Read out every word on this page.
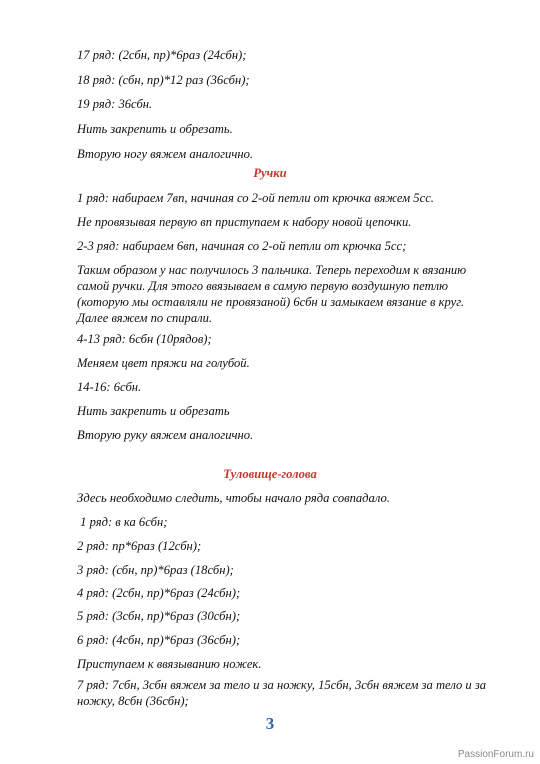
17 ряд: (2сбн, пр)*6раз (24сбн);
18 ряд: (сбн, пр)*12 раз (36сбн);
19 ряд: 36сбн.
Нить закрепить и обрезать.
Вторую ногу вяжем аналогично.
Ручки
1 ряд: набираем 7вп, начиная со 2-ой петли от крючка вяжем 5сс.
Не провязывая первую вп приступаем к набору новой цепочки.
2-3 ряд: набираем 6вп, начиная со 2-ой петли от крючка 5сс;
Таким образом у нас получилось 3 пальчика. Теперь переходим к вязанию
самой ручки. Для этого ввязываем в самую первую воздушную петлю
(которую мы оставляли не провязаной) 6сбн и замыкаем вязание в круг.
Далее вяжем по спирали.
4-13 ряд: 6сбн (10рядов);
Меняем цвет пряжи на голубой.
14-16: 6сбн.
Нить закрепить и обрезать
Вторую руку вяжем аналогично.
Туловище-голова
Здесь необходимо следить, чтобы начало ряда совпадало.
1 ряд: в ка 6сбн;
2 ряд: пр*6раз (12сбн);
3 ряд: (сбн, пр)*6раз (18сбн);
4 ряд: (2сбн, пр)*6раз (24сбн);
5 ряд: (3сбн, пр)*6раз (30сбн);
6 ряд: (4сбн, пр)*6раз (36сбн);
Приступаем к ввязыванию ножек.
7 ряд: 7сбн, 3сбн вяжем за тело и за ножку, 15сбн, 3сбн вяжем за тело и за
ножку, 8сбн (36сбн);
3
PassionForum.ru
